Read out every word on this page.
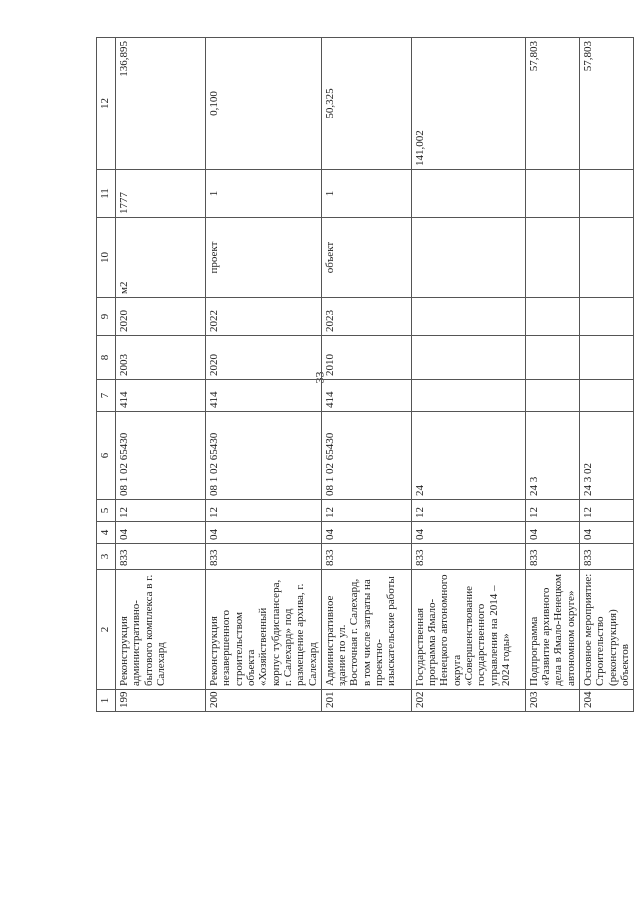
33
1	2	3	4	5	6	7	8	9	10	11	12
199	Реконструкция административно-бытового комплекса в г. Салехард	833	04	12	08 1 02 65430	414	2003	2020	м2	1777	136,895
200	Реконструкция незавершенного строительством объекта «Хозяйственный корпус тубдиспансера, г. Салехард» под размещение архива, г. Салехард	833	04	12	08 1 02 65430	414	2020	2022	проект	1	0,100
201	Административное здание по ул. Восточная г. Салехард, в том числе затраты на проектно-изыскательские работы	833	04	12	08 1 02 65430	414	2010	2023	объект	1	50,325
202	Государственная программа Ямало-Ненецкого автономного округа «Совершенствование государственного управления на 2014 – 2024 годы»	833	04	12	24						141,002
203	Подпрограмма «Развитие архивного дела в Ямало-Ненецком автономном округе»	833	04	12	24 3						57,803
204	Основное мероприятие: Строительство (реконструкция) объектов	833	04	12	24 3 02						57,803
